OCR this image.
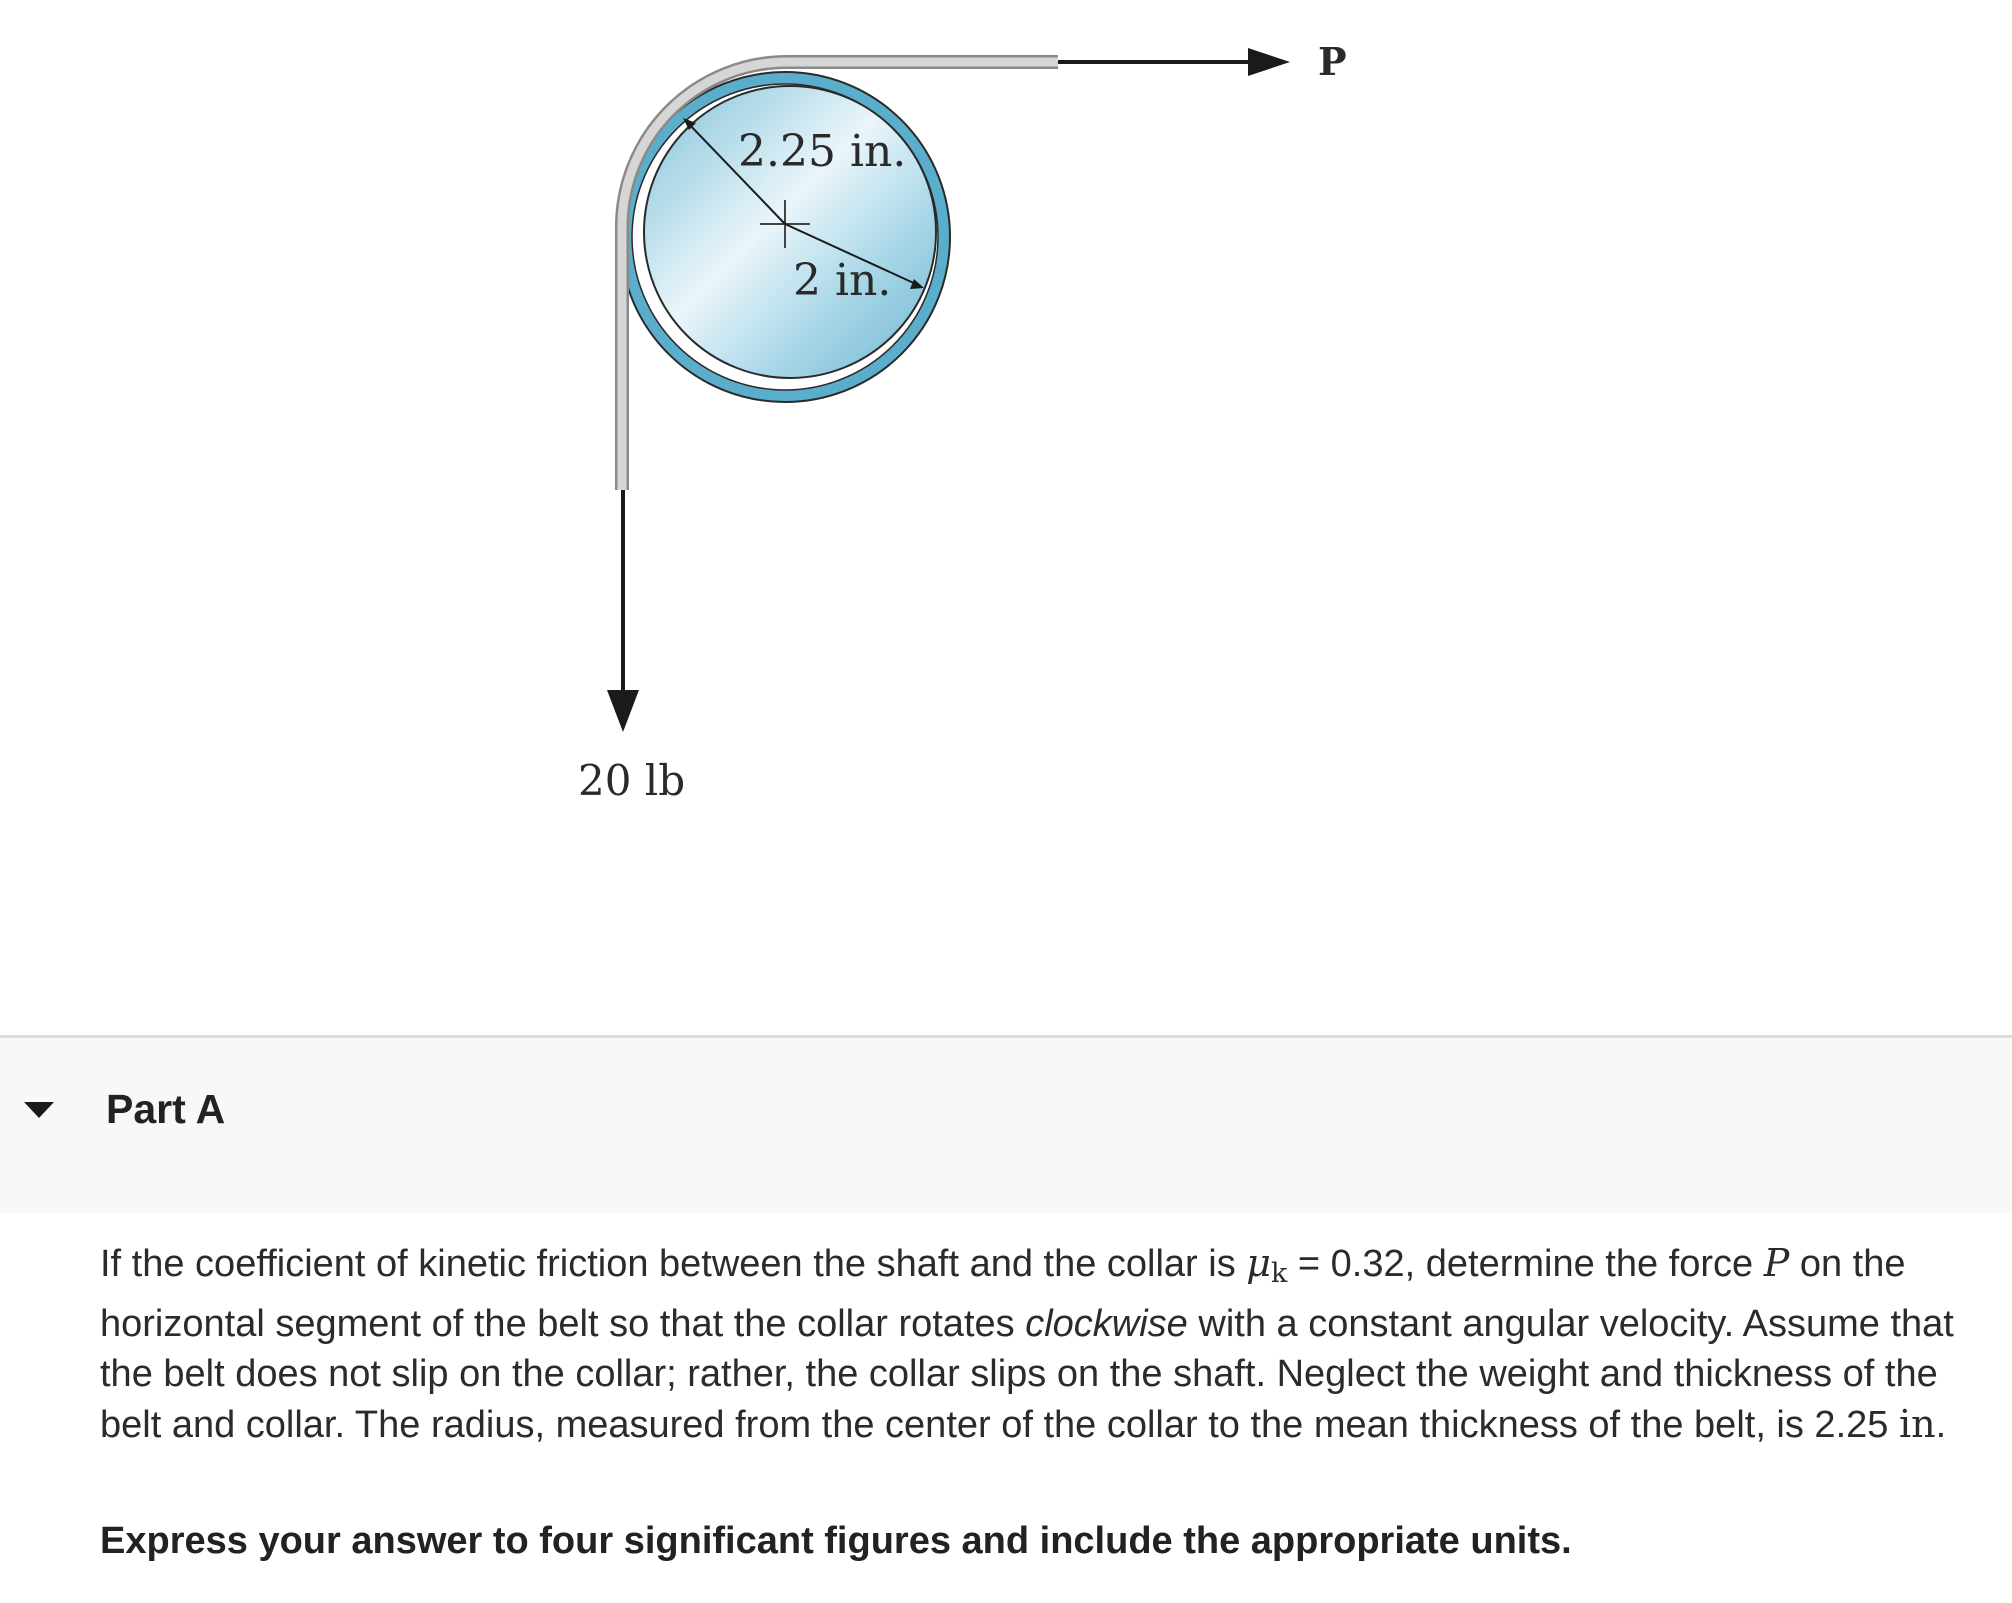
P
20 lb
2.25 in.
2 in.
Part A

If the coefficient of kinetic friction between the shaft and the collar is μk = 0.32, determine the force P on the horizontal segment of the belt so that the collar rotates clockwise with a constant angular velocity. Assume that the belt does not slip on the collar; rather, the collar slips on the shaft. Neglect the weight and thickness of the belt and collar. The radius, measured from the center of the collar to the mean thickness of the belt, is 2.25 in.

Express your answer to four significant figures and include the appropriate units.
